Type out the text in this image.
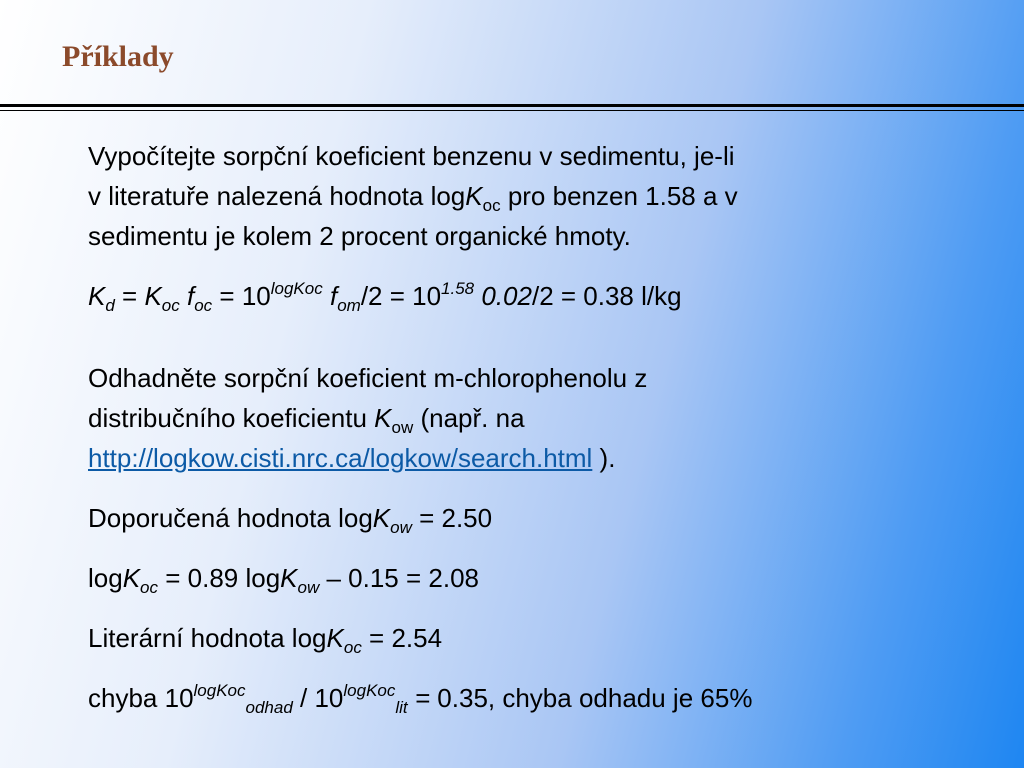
Příklady

Vypočítejte sorpční koeficient benzenu v sedimentu, je-li
v literatuře nalezená hodnota logK$_{oc}$ pro benzen 1.58 a v
sedimentu je kolem 2 procent organické hmoty.

$K_d = K_{oc}$ $f_{oc} = 10^{logKoc}$ $f_{om}/2 = 10^{1.58}$ 0.02/2 = 0.38 l/kg

Odhadněte sorpční koeficient m-chlorophenolu z
distribučního koeficientu $K_{ow}$ (např. na
http://logkow.cisti.nrc.ca/logkow/search.html ).

Doporučená hodnota logK$_{ow}$ = 2.50

logK$_{oc}$ = 0.89 logK$_{ow}$ – 0.15 = 2.08

Literární hodnota logK$_{oc}$ = 2.54

chyba $10^{logKoc}_{odhad} / 10^{logKoc}_{lit} = 0.35$, chyba odhadu je 65%
